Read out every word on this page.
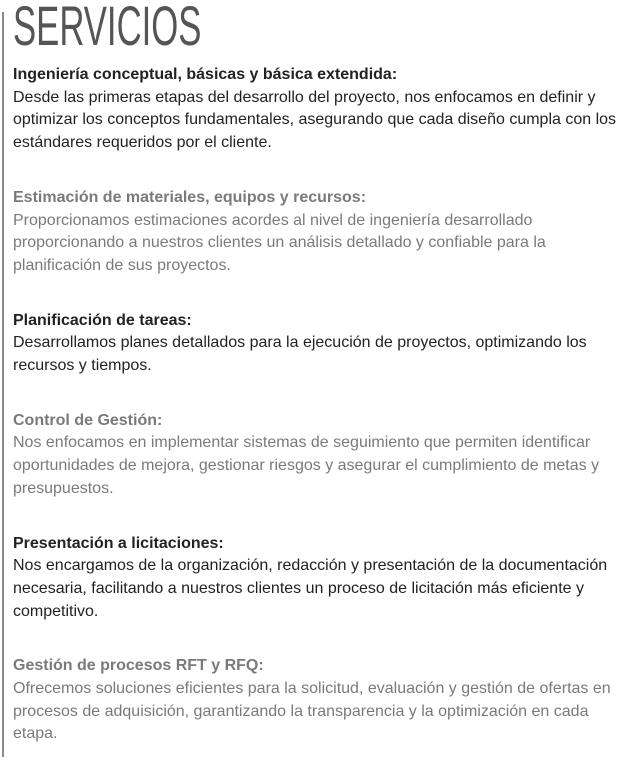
SERVICIOS
Ingeniería conceptual, básicas y básica extendida:

Desde las primeras etapas del desarrollo del proyecto, nos enfocamos en definir y optimizar los conceptos fundamentales, asegurando que cada diseño cumpla con los estándares requeridos por el cliente.

Estimación de materiales, equipos y recursos:

Proporcionamos estimaciones acordes al nivel de ingeniería desarrollado proporcionando a nuestros clientes un análisis detallado y confiable para la planificación de sus proyectos.

Planificación de tareas:

Desarrollamos planes detallados para la ejecución de proyectos, optimizando los recursos y tiempos.

Control de Gestión:

Nos enfocamos en implementar sistemas de seguimiento que permiten identificar oportunidades de mejora, gestionar riesgos y asegurar el cumplimiento de metas y presupuestos.

Presentación a licitaciones:

Nos encargamos de la organización, redacción y presentación de la documentación necesaria, facilitando a nuestros clientes un proceso de licitación más eficiente y competitivo.

Gestión de procesos RFT y RFQ:

Ofrecemos soluciones eficientes para la solicitud, evaluación y gestión de ofertas en procesos de adquisición, garantizando la transparencia y la optimización en cada etapa.
